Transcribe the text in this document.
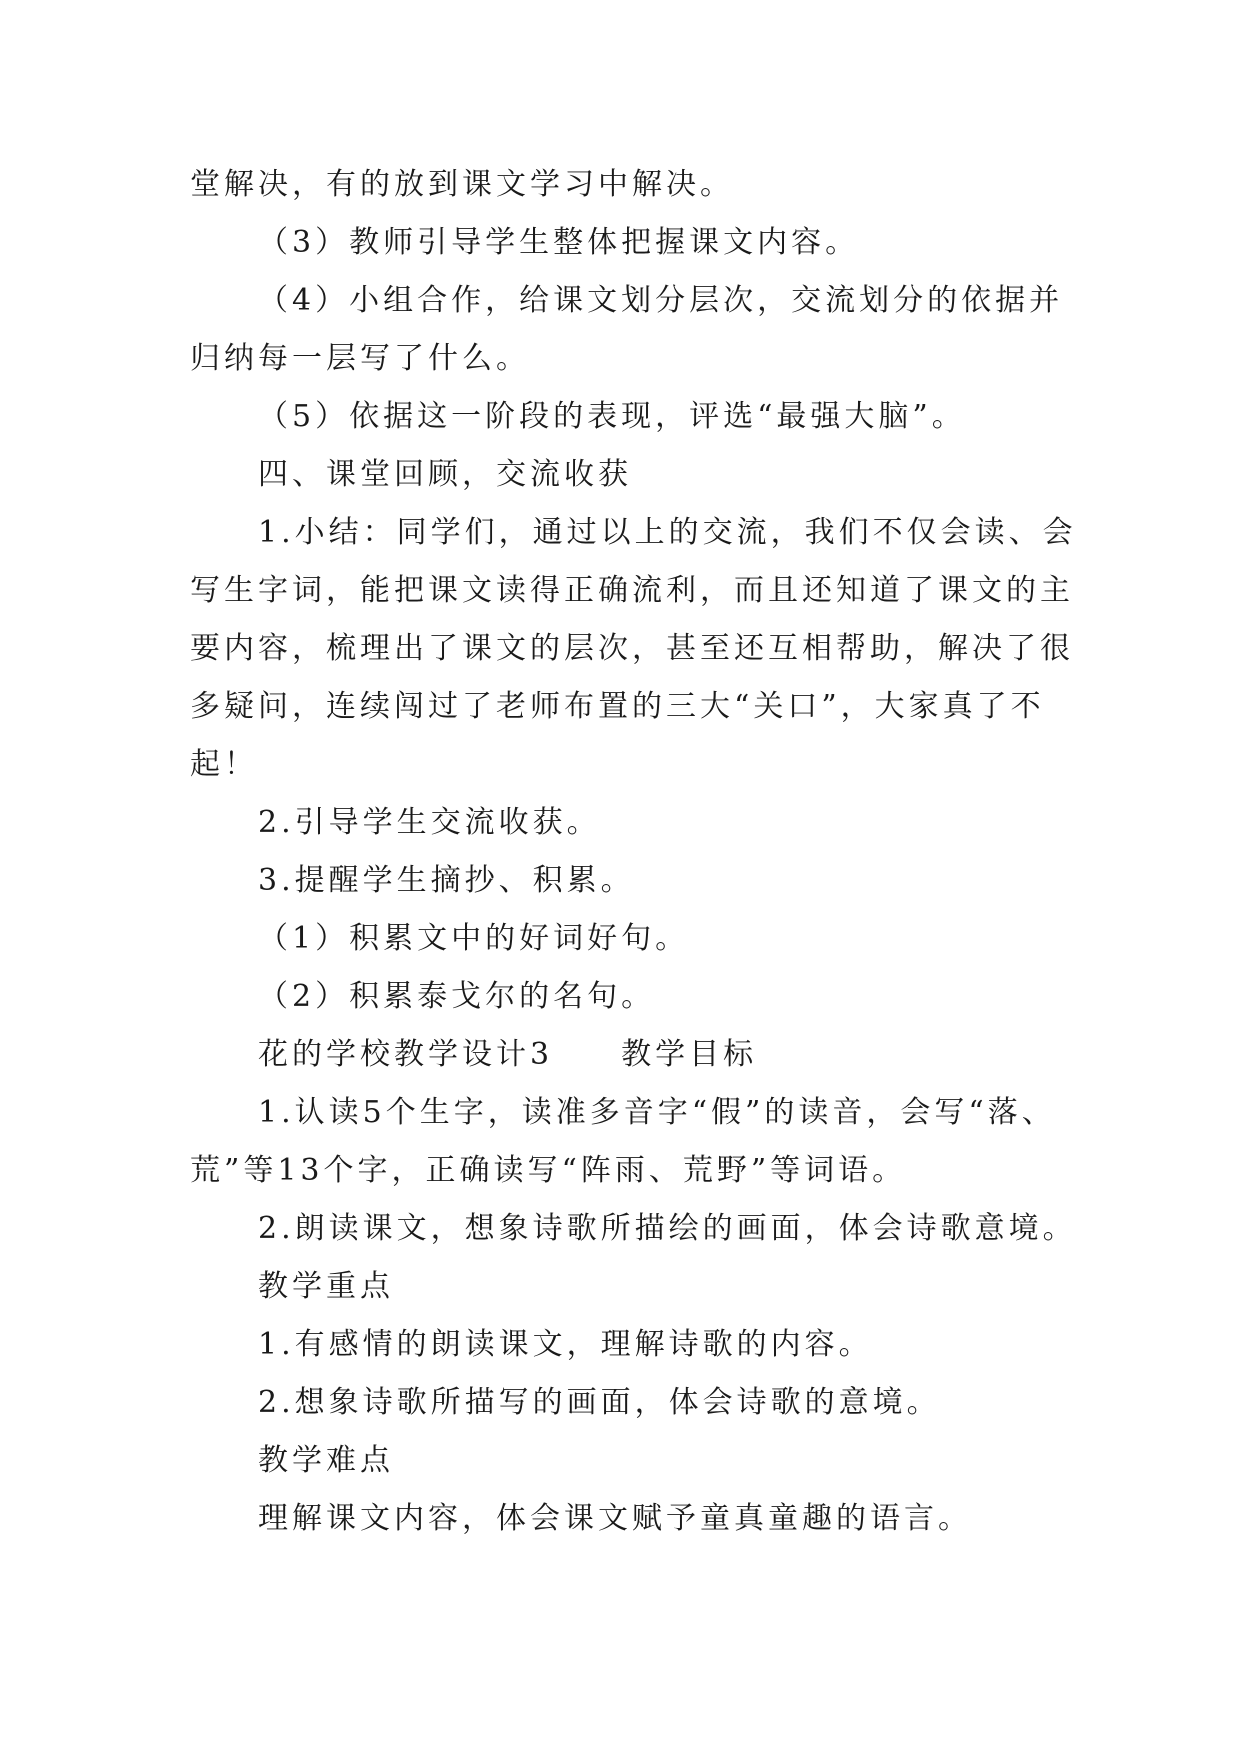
堂解决，有的放到课文学习中解决。
（3）教师引导学生整体把握课文内容。
（4）小组合作，给课文划分层次，交流划分的依据并
归纳每一层写了什么。
（5）依据这一阶段的表现，评选“最强大脑”。
四、课堂回顾，交流收获
1.小结：同学们，通过以上的交流，我们不仅会读、会
写生字词，能把课文读得正确流利，而且还知道了课文的主
要内容，梳理出了课文的层次，甚至还互相帮助，解决了很
多疑问，连续闯过了老师布置的三大“关口”，大家真了不
起！
2.引导学生交流收获。
3.提醒学生摘抄、积累。
（1）积累文中的好词好句。
（2）积累泰戈尔的名句。
花的学校教学设计3　　教学目标
1.认读5个生字，读准多音字“假”的读音，会写“落、
荒”等13个字，正确读写“阵雨、荒野”等词语。
2.朗读课文，想象诗歌所描绘的画面，体会诗歌意境。
教学重点
1.有感情的朗读课文，理解诗歌的内容。
2.想象诗歌所描写的画面，体会诗歌的意境。
教学难点
理解课文内容，体会课文赋予童真童趣的语言。
